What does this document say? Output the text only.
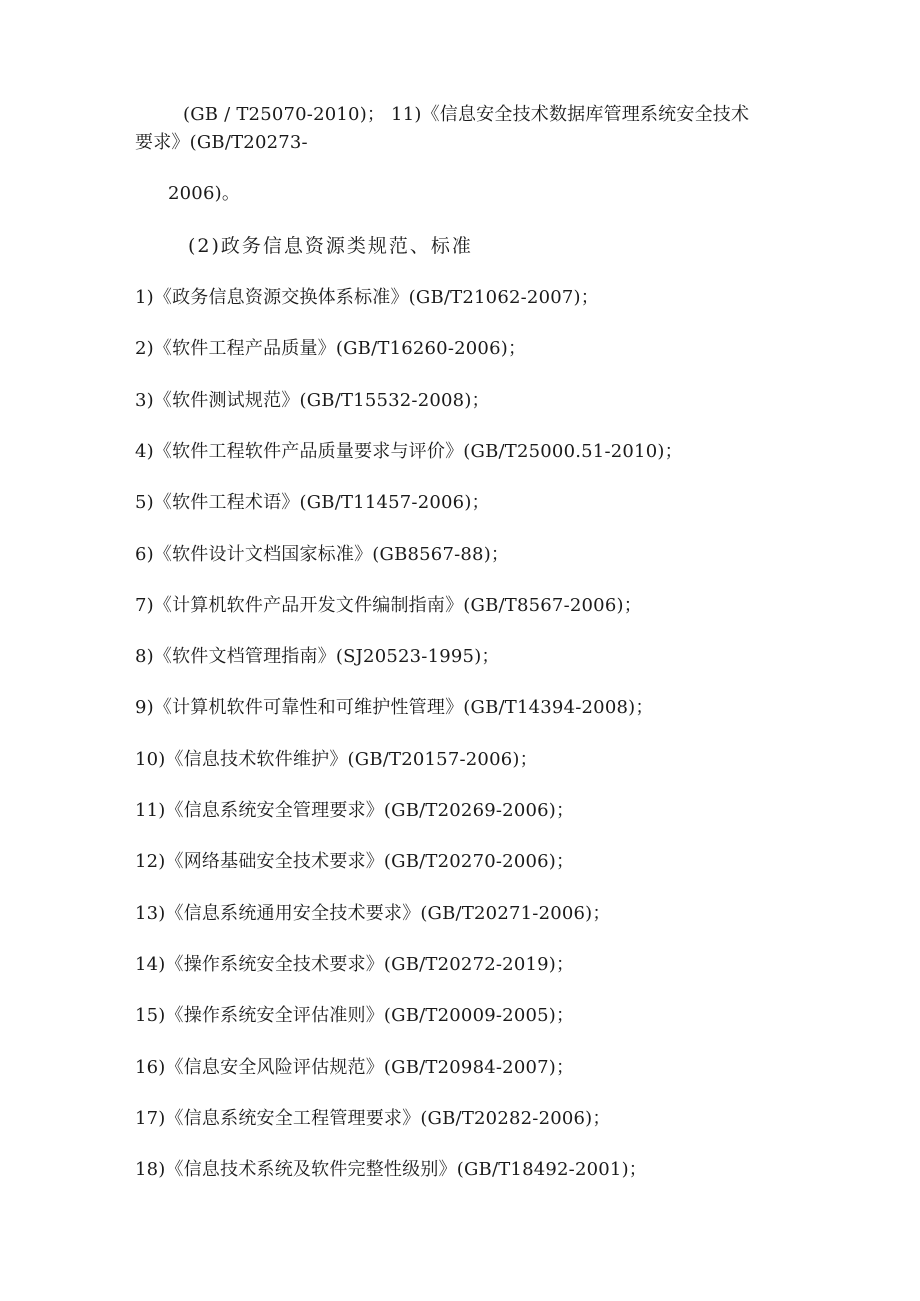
(GB / T25070-2010)； 11)《信息安全技术数据库管理系统安全技术
要求》(GB/T20273-
2006)。
(2)政务信息资源类规范、标准
1)《政务信息资源交换体系标准》(GB/T21062-2007)；
2)《软件工程产品质量》(GB/T16260-2006)；
3)《软件测试规范》(GB/T15532-2008)；
4)《软件工程软件产品质量要求与评价》(GB/T25000.51-2010)；
5)《软件工程术语》(GB/T11457-2006)；
6)《软件设计文档国家标准》(GB8567-88)；
7)《计算机软件产品开发文件编制指南》(GB/T8567-2006)；
8)《软件文档管理指南》(SJ20523-1995)；
9)《计算机软件可靠性和可维护性管理》(GB/T14394-2008)；
10)《信息技术软件维护》(GB/T20157-2006)；
11)《信息系统安全管理要求》(GB/T20269-2006)；
12)《网络基础安全技术要求》(GB/T20270-2006)；
13)《信息系统通用安全技术要求》(GB/T20271-2006)；
14)《操作系统安全技术要求》(GB/T20272-2019)；
15)《操作系统安全评估准则》(GB/T20009-2005)；
16)《信息安全风险评估规范》(GB/T20984-2007)；
17)《信息系统安全工程管理要求》(GB/T20282-2006)；
18)《信息技术系统及软件完整性级别》(GB/T18492-2001)；
